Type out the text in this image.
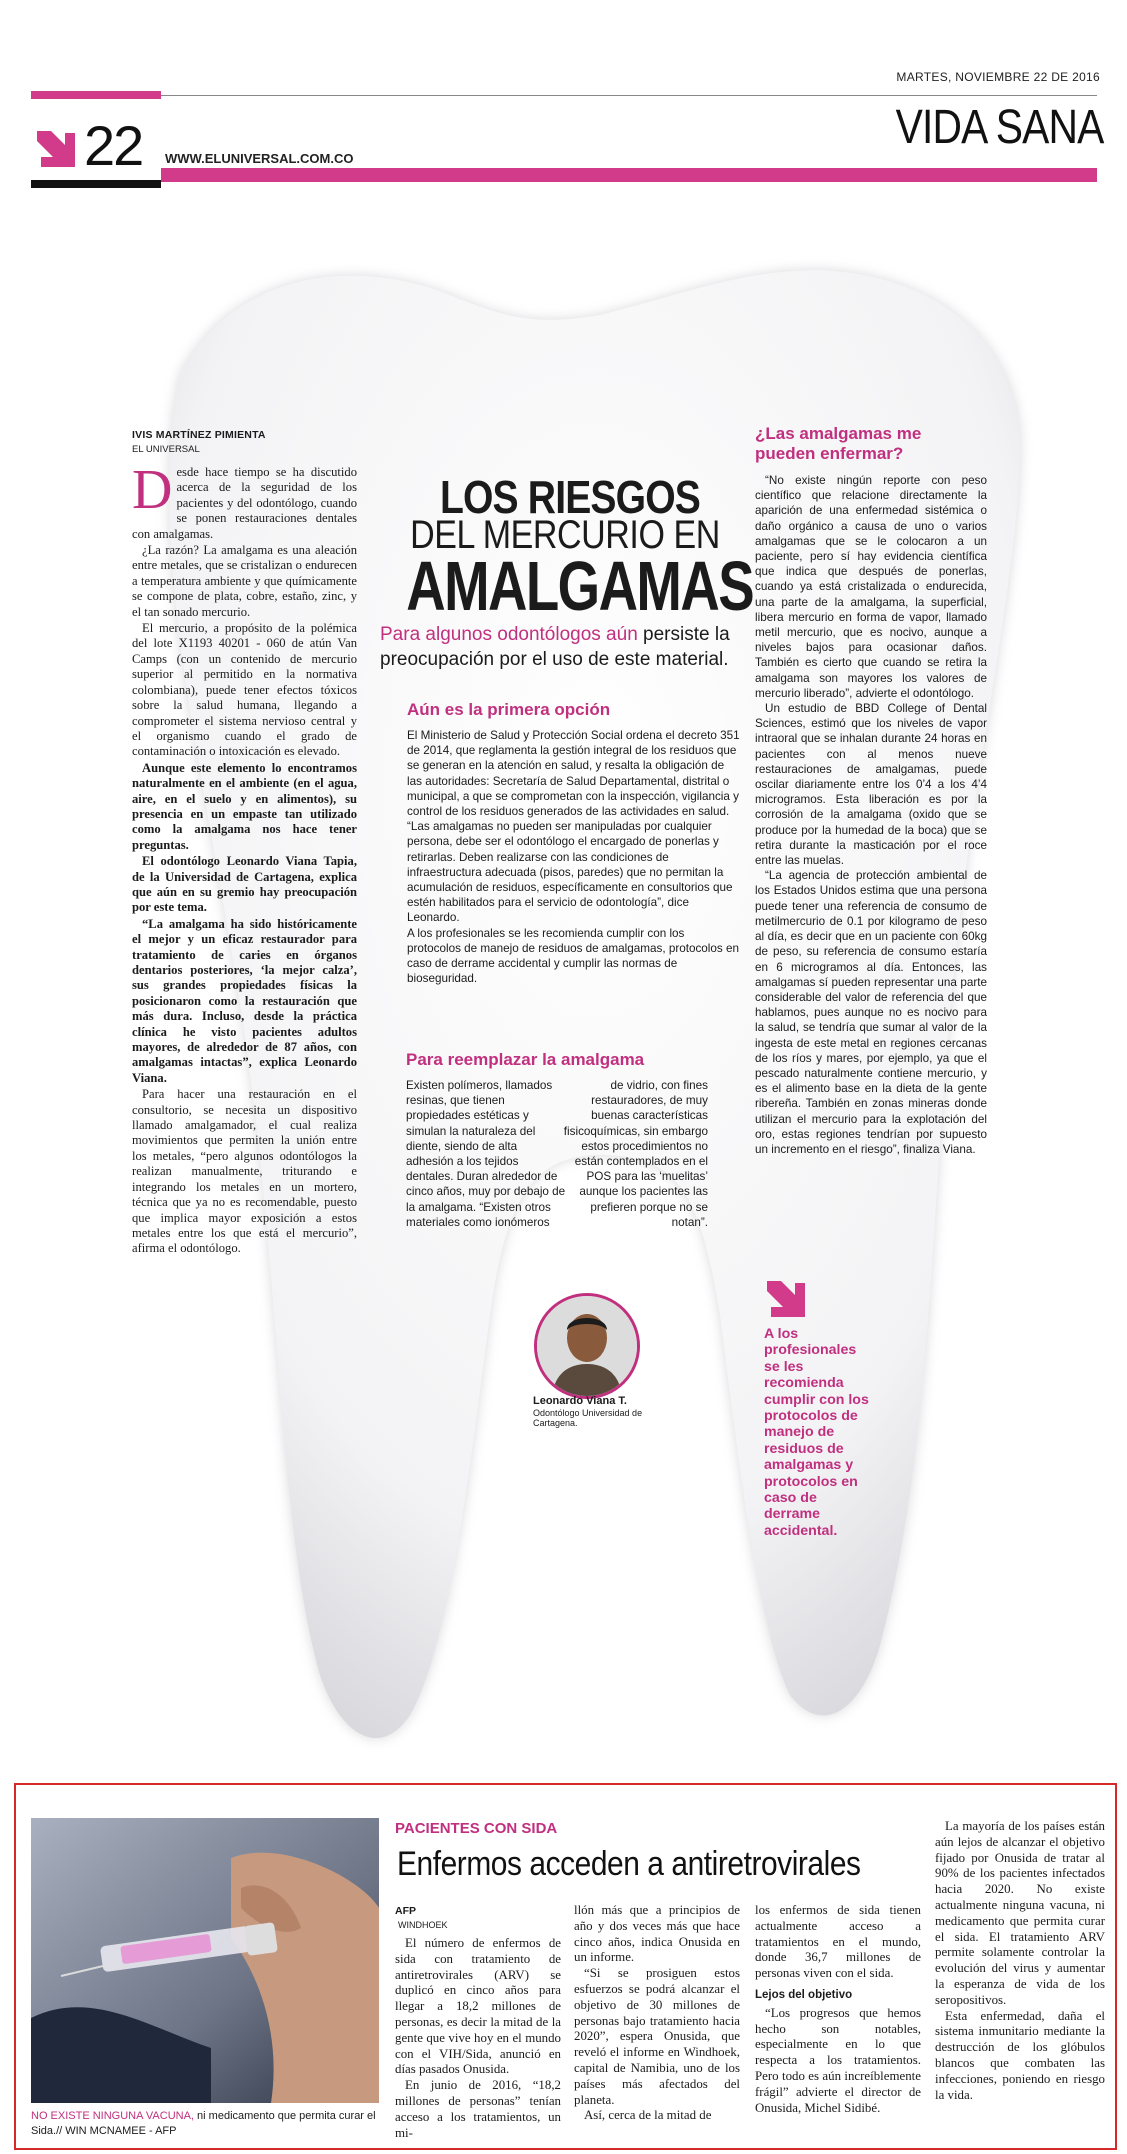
MARTES, NOVIEMBRE 22 DE 2016
22 WWW.ELUNIVERSAL.COM.CO
VIDA SANA
IVIS MARTÍNEZ PIMIENTA
EL UNIVERSAL

Desde hace tiempo se ha discutido acerca de la seguridad de los pacientes y del odontólogo, cuando se ponen restauraciones dentales con amalgamas.

¿La razón? La amalgama es una aleación entre metales, que se cristalizan o endurecen a temperatura ambiente y que químicamente se compone de plata, cobre, estaño, zinc, y el tan sonado mercurio.

El mercurio, a propósito de la polémica del lote X1193 40201 - 060 de atún Van Camps (con un contenido de mercurio superior al permitido en la normativa colombiana), puede tener efectos tóxicos sobre la salud humana, llegando a comprometer el sistema nervioso central y el organismo cuando el grado de contaminación o intoxicación es elevado.

Aunque este elemento lo encontramos naturalmente en el ambiente (en el agua, aire, en el suelo y en alimentos), su presencia en un empaste tan utilizado como la amalgama nos hace tener preguntas.

El odontólogo Leonardo Viana Tapia, de la Universidad de Cartagena, explica que aún en su gremio hay preocupación por este tema.

“La amalgama ha sido históricamente el mejor y un eficaz restaurador para tratamiento de caries en órganos dentarios posteriores, ‘la mejor calza’, sus grandes propiedades físicas la posicionaron como la restauración que más dura. Incluso, desde la práctica clínica he visto pacientes adultos mayores, de alrededor de 87 años, con amalgamas intactas”, explica Leonardo Viana.

Para hacer una restauración en el consultorio, se necesita un dispositivo llamado amalgamador, el cual realiza movimientos que permiten la unión entre los metales, “pero algunos odontólogos la realizan manualmente, triturando e integrando los metales en un mortero, técnica que ya no es recomendable, puesto que implica mayor exposición a estos metales entre los que está el mercurio”, afirma el odontólogo.

LOS RIESGOS
DEL MERCURIO EN
AMALGAMAS
Para algunos odontólogos aún persiste la preocupación por el uso de este material.
Aún es la primera opción

El Ministerio de Salud y Protección Social ordena el decreto 351 de 2014, que reglamenta la gestión integral de los residuos que se generan en la atención en salud, y resalta la obligación de las autoridades: Secretaría de Salud Departamental, distrital o municipal, a que se comprometan con la inspección, vigilancia y control de los residuos generados de las actividades en salud.

“Las amalgamas no pueden ser manipuladas por cualquier persona, debe ser el odontólogo el encargado de ponerlas y retirarlas. Deben realizarse con las condiciones de infraestructura adecuada (pisos, paredes) que no permitan la acumulación de residuos, específicamente en consultorios que estén habilitados para el servicio de odontología”, dice Leonardo.

A los profesionales se les recomienda cumplir con los protocolos de manejo de residuos de amalgamas, protocolos en caso de derrame accidental y cumplir las normas de bioseguridad.

Para reemplazar la amalgama
Existen polímeros, llamados resinas, que tienen propiedades estéticas y simulan la naturaleza del diente, siendo de alta adhesión a los tejidos dentales. Duran alrededor de cinco años, muy por debajo de la amalgama. “Existen otros materiales como ionómeros
de vidrio, con fines restauradores, de muy buenas características fisicoquímicas, sin embargo estos procedimientos no están contemplados en el POS para las ‘muelitas’ aunque los pacientes las prefieren porque no se notan”.
Leonardo Viana T.
Odontólogo Universidad de Cartagena.
¿Las amalgamas me pueden enfermar?

“No existe ningún reporte con peso científico que relacione directamente la aparición de una enfermedad sistémica o daño orgánico a causa de uno o varios amalgamas que se le colocaron a un paciente, pero sí hay evidencia científica que indica que después de ponerlas, cuando ya está cristalizada o endurecida, una parte de la amalgama, la superficial, libera mercurio en forma de vapor, llamado metil mercurio, que es nocivo, aunque a niveles bajos para ocasionar daños. También es cierto que cuando se retira la amalgama son mayores los valores de mercurio liberado”, advierte el odontólogo.

Un estudio de BBD College of Dental Sciences, estimó que los niveles de vapor intraoral que se inhalan durante 24 horas en pacientes con al menos nueve restauraciones de amalgamas, puede oscilar diariamente entre los 0’4 a los 4’4 microgramos. Esta liberación es por la corrosión de la amalgama (oxido que se produce por la humedad de la boca) que se retira durante la masticación por el roce entre las muelas.

“La agencia de protección ambiental de los Estados Unidos estima que una persona puede tener una referencia de consumo de metilmercurio de 0.1 por kilogramo de peso al día, es decir que en un paciente con 60kg de peso, su referencia de consumo estaría en 6 microgramos al día. Entonces, las amalgamas sí pueden representar una parte considerable del valor de referencia del que hablamos, pues aunque no es nocivo para la salud, se tendría que sumar al valor de la ingesta de este metal en regiones cercanas de los ríos y mares, por ejemplo, ya que el pescado naturalmente contiene mercurio, y es el alimento base en la dieta de la gente ribereña. También en zonas mineras donde utilizan el mercurio para la explotación del oro, estas regiones tendrían por supuesto un incremento en el riesgo”, finaliza Viana.

A los profesionales se les recomienda cumplir con los protocolos de manejo de residuos de amalgamas y protocolos en caso de derrame accidental.
NO EXISTE NINGUNA VACUNA, ni medicamento que permita curar el Sida.// WIN MCNAMEE - AFP
PACIENTES CON SIDA
Enfermos acceden a antiretrovirales
AFP
WINDHOEK

El número de enfermos de sida con tratamiento de antiretrovirales (ARV) se duplicó en cinco años para llegar a 18,2 millones de personas, es decir la mitad de la gente que vive hoy en el mundo con el VIH/Sida, anunció en días pasados Onusida.

En junio de 2016, “18,2 millones de personas” tenían acceso a los tratamientos, un mi-

llón más que a principios de año y dos veces más que hace cinco años, indica Onusida en un informe.

“Si se prosiguen estos esfuerzos se podrá alcanzar el objetivo de 30 millones de personas bajo tratamiento hacia 2020”, espera Onusida, que reveló el informe en Windhoek, capital de Namibia, uno de los países más afectados del planeta.

Así, cerca de la mitad de

los enfermos de sida tienen actualmente acceso a tratamientos en el mundo, donde 36,7 millones de personas viven con el sida.

Lejos del objetivo

“Los progresos que hemos hecho son notables, especialmente en lo que respecta a los tratamientos. Pero todo es aún increíblemente frágil” advierte el director de Onusida, Michel Sidibé.

La mayoría de los países están aún lejos de alcanzar el objetivo fijado por Onusida de tratar al 90% de los pacientes infectados hacia 2020. No existe actualmente ninguna vacuna, ni medicamento que permita curar el sida. El tratamiento ARV permite solamente controlar la evolución del virus y aumentar la esperanza de vida de los seropositivos.

Esta enfermedad, daña el sistema inmunitario mediante la destrucción de los glóbulos blancos que combaten las infecciones, poniendo en riesgo la vida.
